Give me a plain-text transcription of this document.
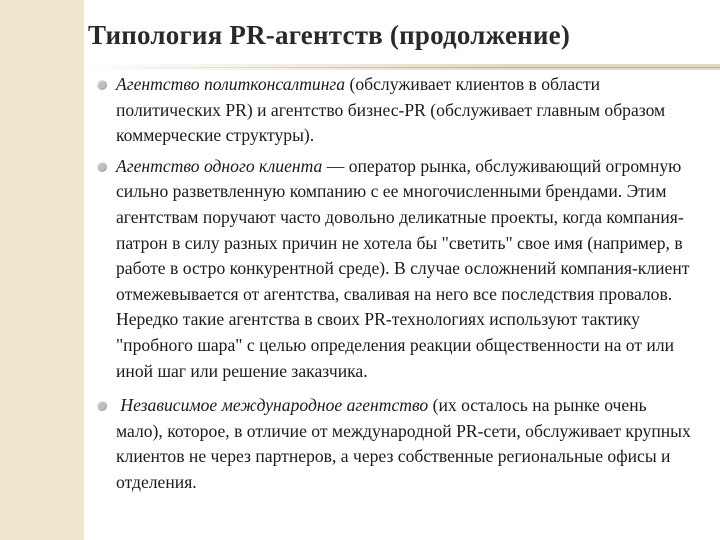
Типология PR-агентств (продолжение)
Агентство политконсалтинга (обслуживает клиентов в области политических PR) и агентство бизнес-PR (обслуживает главным образом коммерческие структуры).
Агентство одного клиента — оператор рынка, обслуживающий огромную сильно разветвленную компанию с ее многочисленными брендами. Этим агентствам поручают часто довольно деликатные проекты, когда компания-патрон в силу разных причин не хотела бы "светить" свое имя (например, в работе в остро конкурентной среде). В случае осложнений компания-клиент отмежевывается от агентства, сваливая на него все последствия провалов. Нередко такие агентства в своих PR-технологиях используют тактику "пробного шара" с целью определения реакции общественности на от или иной шаг или решение заказчика.
Независимое международное агентство (их осталось на рынке очень мало), которое, в отличие от международной PR-сети, обслуживает крупных клиентов не через партнеров, а через собственные региональные офисы и отделения.
